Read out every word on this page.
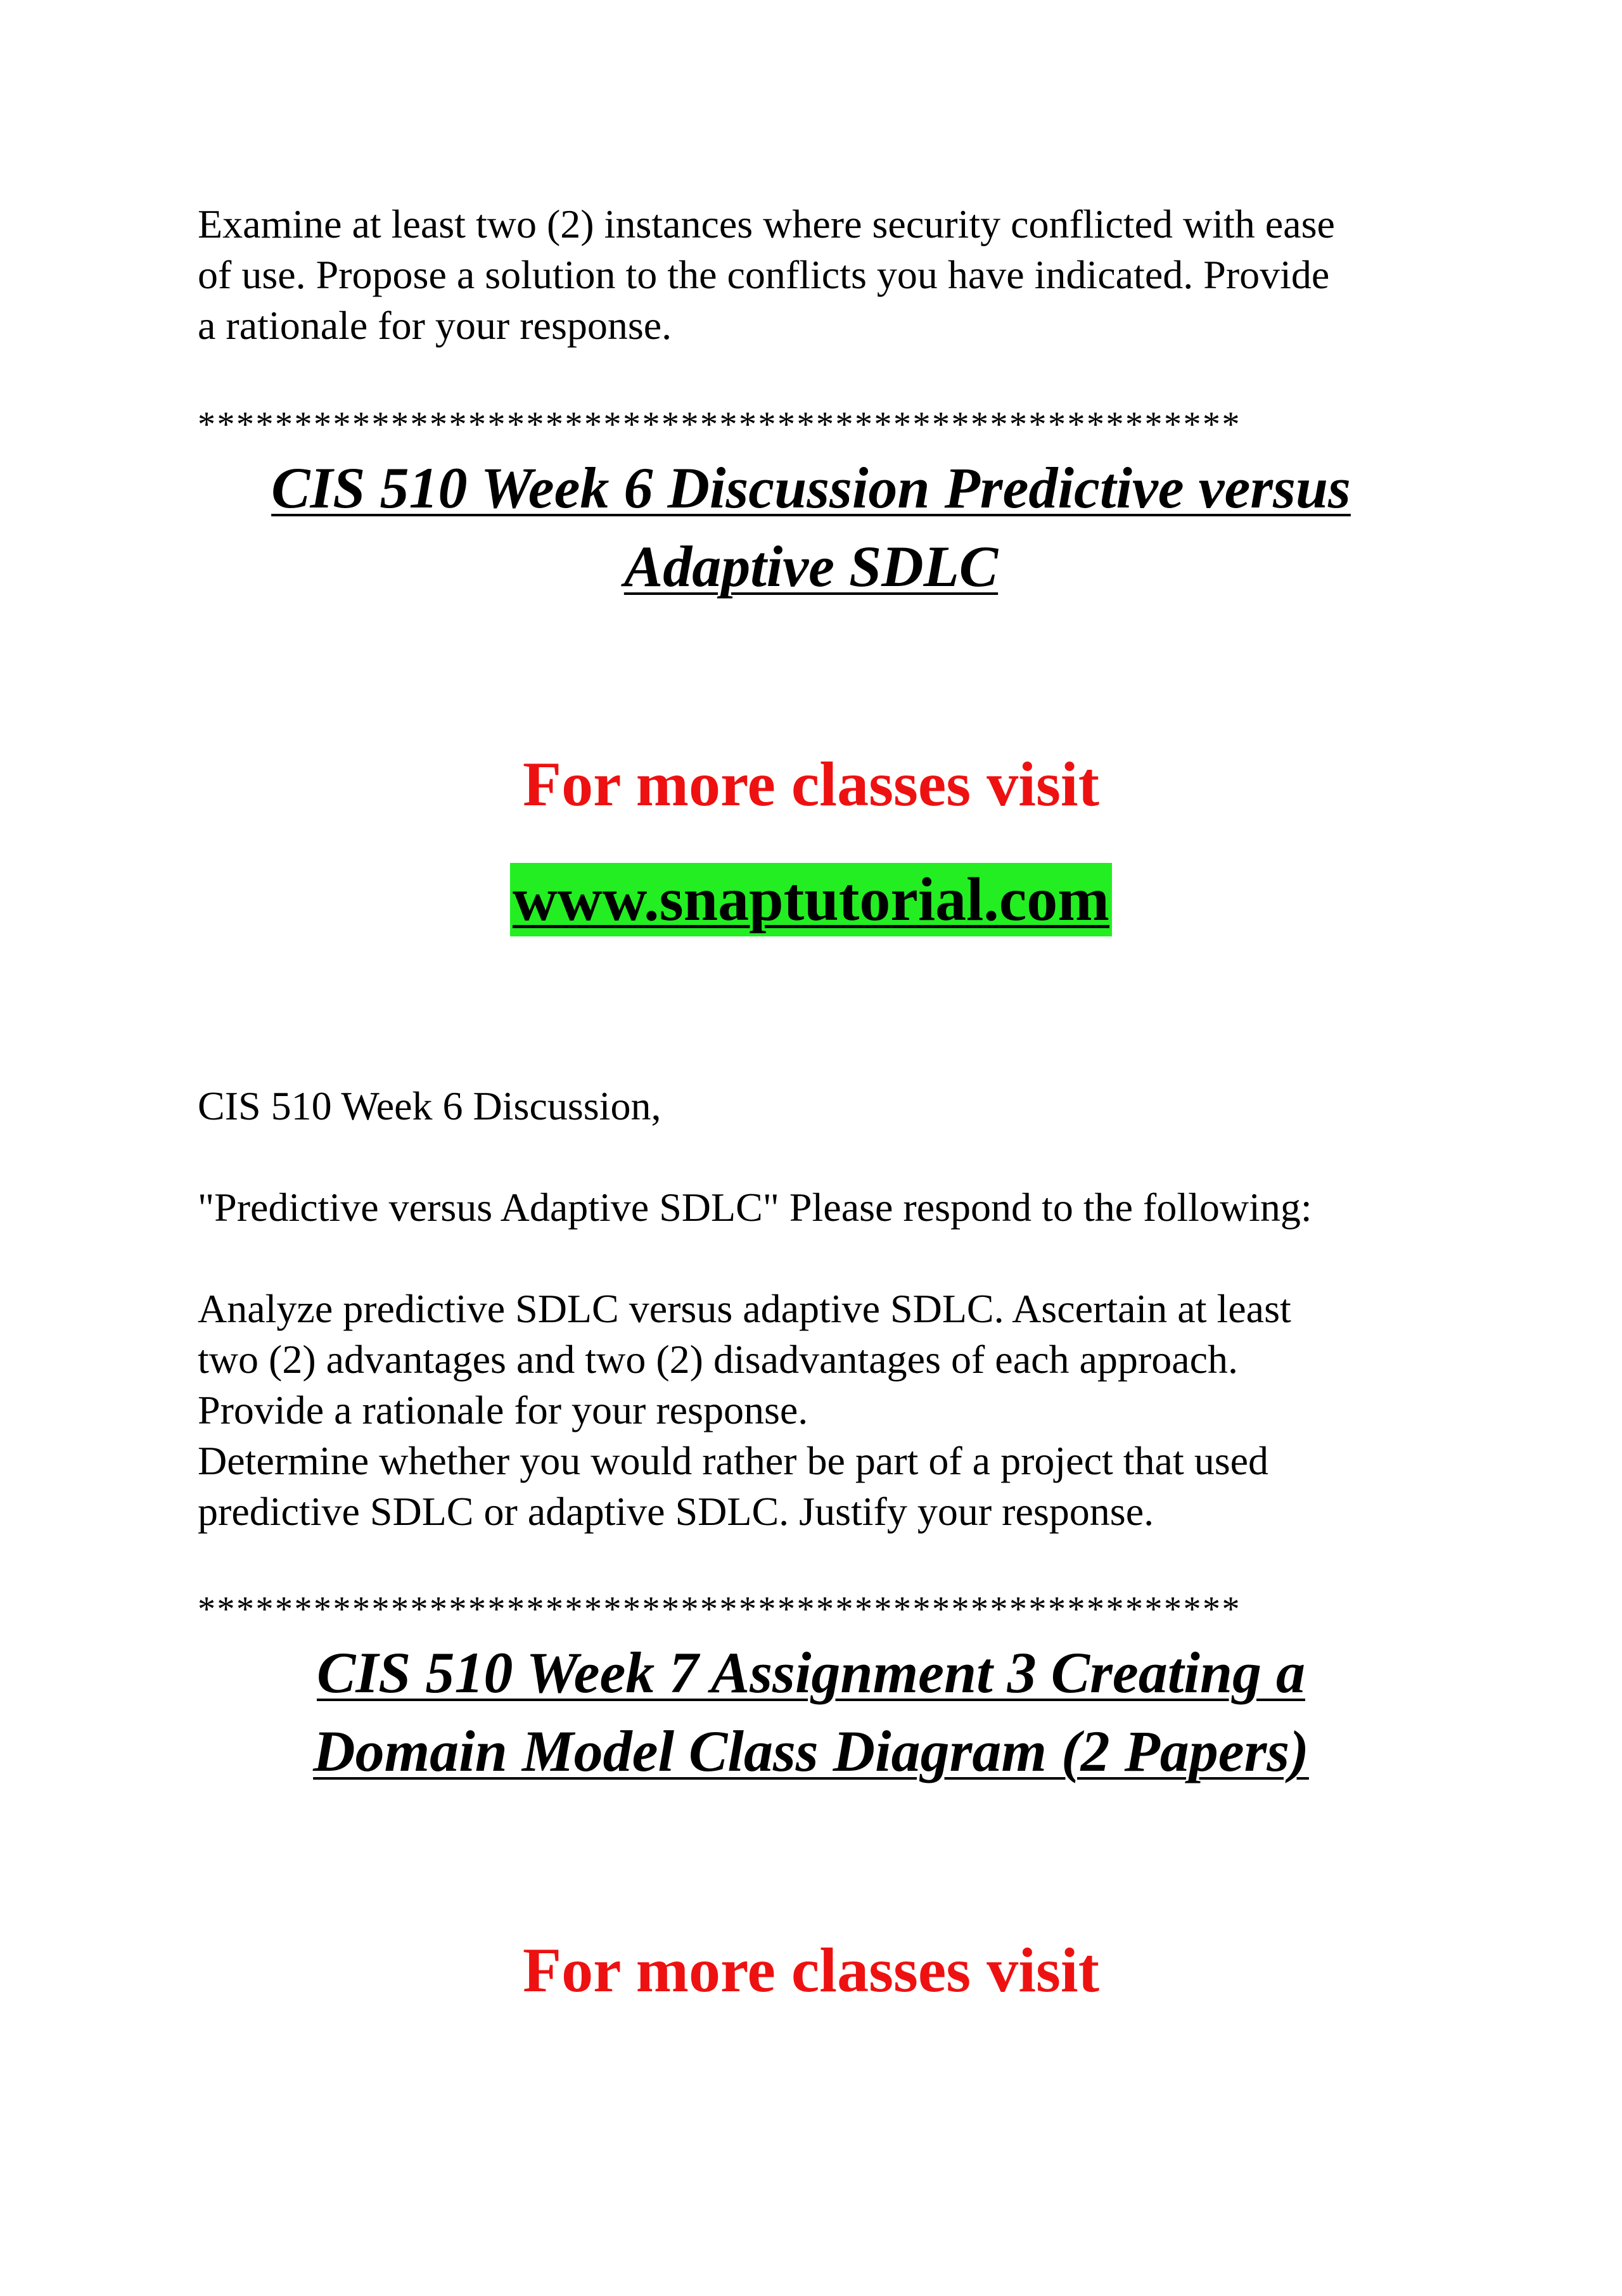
Examine at least two (2) instances where security conflicted with ease
of use. Propose a solution to the conflicts you have indicated. Provide
a rationale for your response.
******************************************************
CIS 510 Week 6 Discussion Predictive versus
Adaptive SDLC
For more classes visit
www.snaptutorial.com
CIS 510 Week 6 Discussion,
"Predictive versus Adaptive SDLC" Please respond to the following:
Analyze predictive SDLC versus adaptive SDLC. Ascertain at least
two (2) advantages and two (2) disadvantages of each approach.
Provide a rationale for your response.
Determine whether you would rather be part of a project that used
predictive SDLC or adaptive SDLC. Justify your response.
******************************************************
CIS 510 Week 7 Assignment 3 Creating a
Domain Model Class Diagram (2 Papers)
For more classes visit
